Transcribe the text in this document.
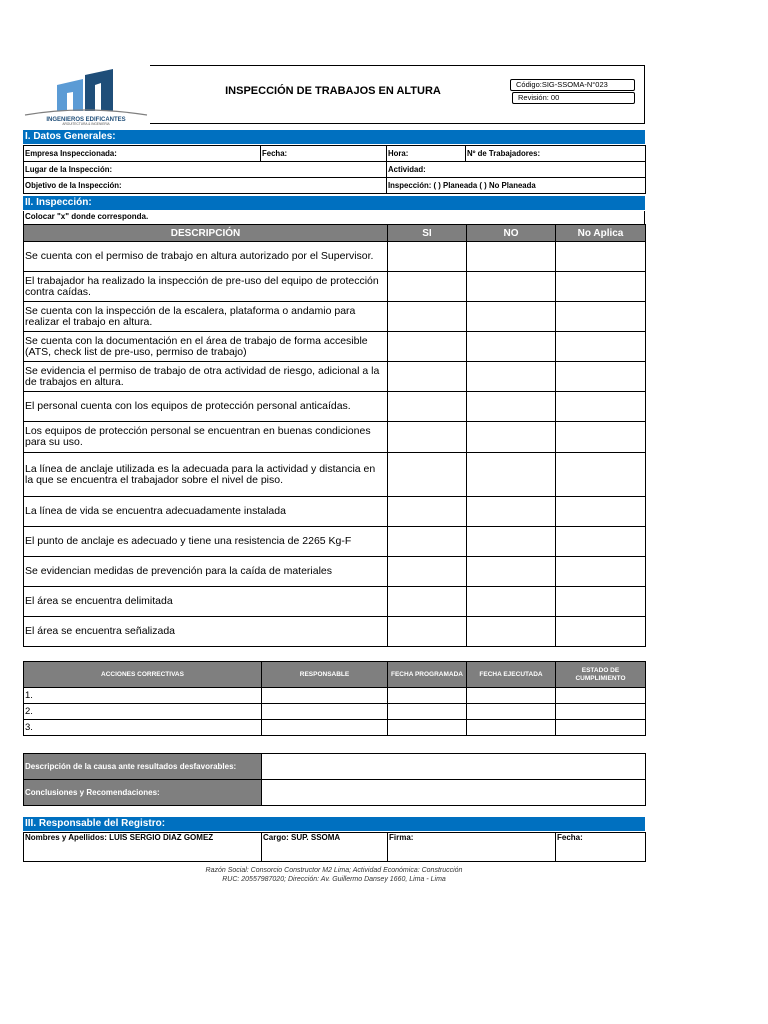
INGENIEROS EDIFICANTES
ARQUITECTURA & INGENIERIA
INSPECCIÓN DE TRABAJOS EN ALTURA
Código:SIG-SSOMA-N°023
Revisión: 00
I. Datos Generales:
Empresa Inspeccionada:	Fecha:	Hora:	Nº de Trabajadores:
Lugar de la Inspección:		Actividad:	
Objetivo de la Inspección:		Inspección: ( ) Planeada ( ) No Planeada	
II. Inspección:
Colocar "x" donde corresponda.
DESCRIPCIÓN	SI	NO	No Aplica
Se cuenta con el permiso de trabajo en altura autorizado por el Supervisor.			
El trabajador ha realizado la inspección de pre-uso del equipo de protección contra caídas.			
Se cuenta con la inspección de la escalera, plataforma o andamio para realizar el trabajo en altura.			
Se cuenta con la documentación en el área de trabajo de forma accesible (ATS, check list de pre-uso, permiso de trabajo)			
Se evidencia el permiso de trabajo de otra actividad de riesgo, adicional a la de trabajos en altura.			
El personal cuenta con los equipos de protección personal anticaídas.			
Los equipos de protección personal se encuentran en buenas condiciones para su uso.			
La línea de anclaje utilizada es la adecuada para la actividad y distancia en la que se encuentra el trabajador sobre el nivel de piso.			
La línea de vida se encuentra adecuadamente instalada			
El punto de anclaje es adecuado y tiene una resistencia de 2265 Kg-F			
Se evidencian medidas de prevención para la caída de materiales			
El área se encuentra delimitada			
El área se encuentra señalizada			
ACCIONES CORRECTIVAS	RESPONSABLE	FECHA PROGRAMADA	FECHA EJECUTADA	ESTADO DE CUMPLIMIENTO
1.				
2.				
3.				
Descripción de la causa ante resultados desfavorables:	
Conclusiones y Recomendaciones:	
III. Responsable del Registro:
Nombres y Apellidos: LUIS SERGIO DIAZ GOMEZ	Cargo: SUP. SSOMA	Firma:	Fecha:
Razón Social: Consorcio Constructor M2 Lima; Actividad Económica: Construcción
RUC: 20557987020; Dirección: Av. Guillermo Dansey 1660, Lima - Lima
